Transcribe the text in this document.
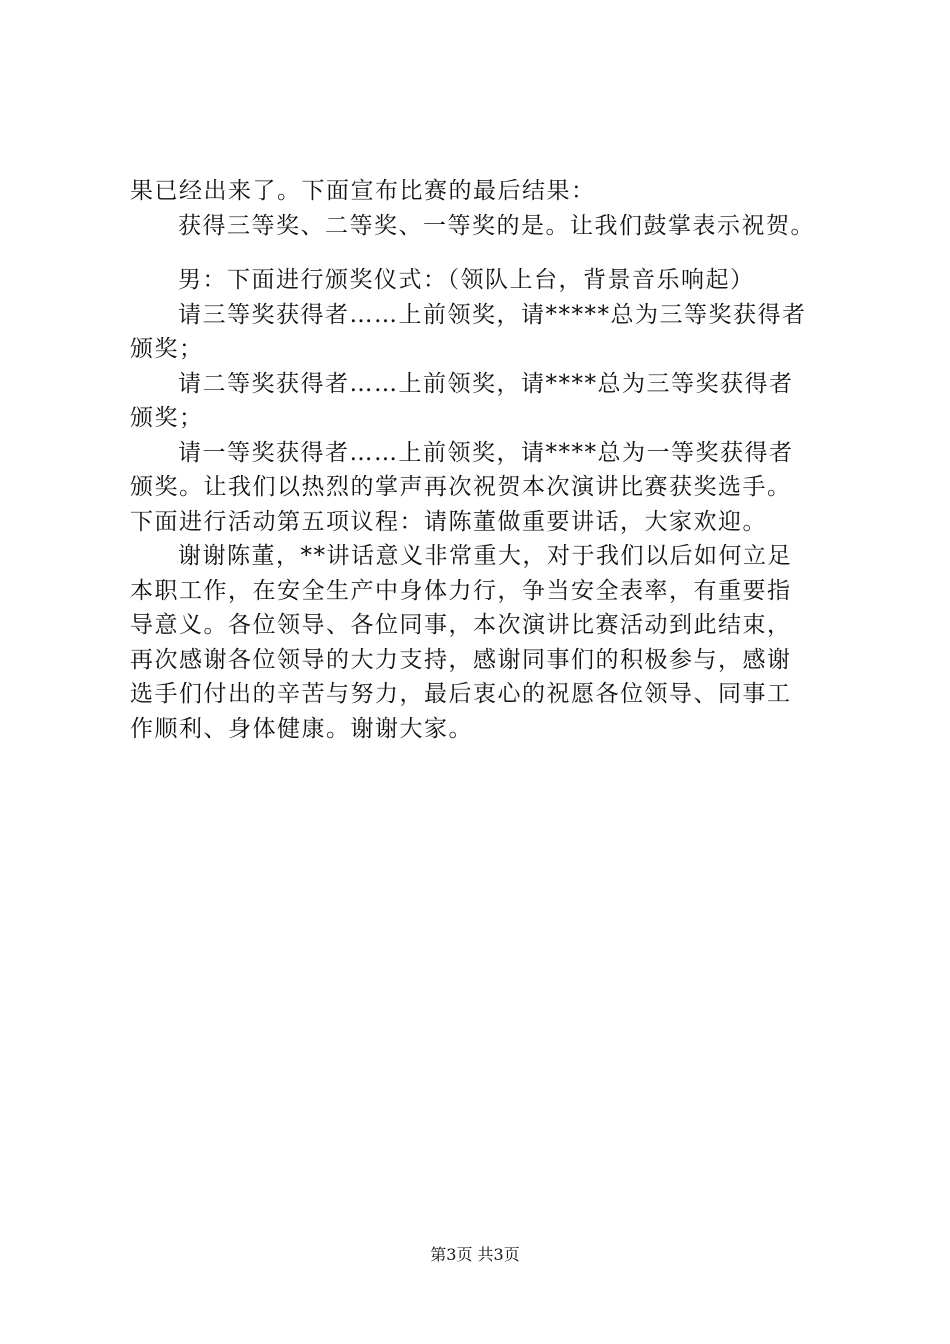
果已经出来了。下面宣布比赛的最后结果：
获得三等奖、二等奖、一等奖的是。让我们鼓掌表示祝贺。
男：下面进行颁奖仪式：（领队上台，背景音乐响起）
请三等奖获得者……上前领奖，请*****总为三等奖获得者
颁奖；
请二等奖获得者……上前领奖，请****总为三等奖获得者
颁奖；
请一等奖获得者……上前领奖，请****总为一等奖获得者
颁奖。让我们以热烈的掌声再次祝贺本次演讲比赛获奖选手。
下面进行活动第五项议程：请陈董做重要讲话，大家欢迎。
谢谢陈董，**讲话意义非常重大，对于我们以后如何立足
本职工作，在安全生产中身体力行，争当安全表率，有重要指
导意义。各位领导、各位同事，本次演讲比赛活动到此结束，
再次感谢各位领导的大力支持，感谢同事们的积极参与，感谢
选手们付出的辛苦与努力，最后衷心的祝愿各位领导、同事工
作顺利、身体健康。谢谢大家。
第3页 共3页
